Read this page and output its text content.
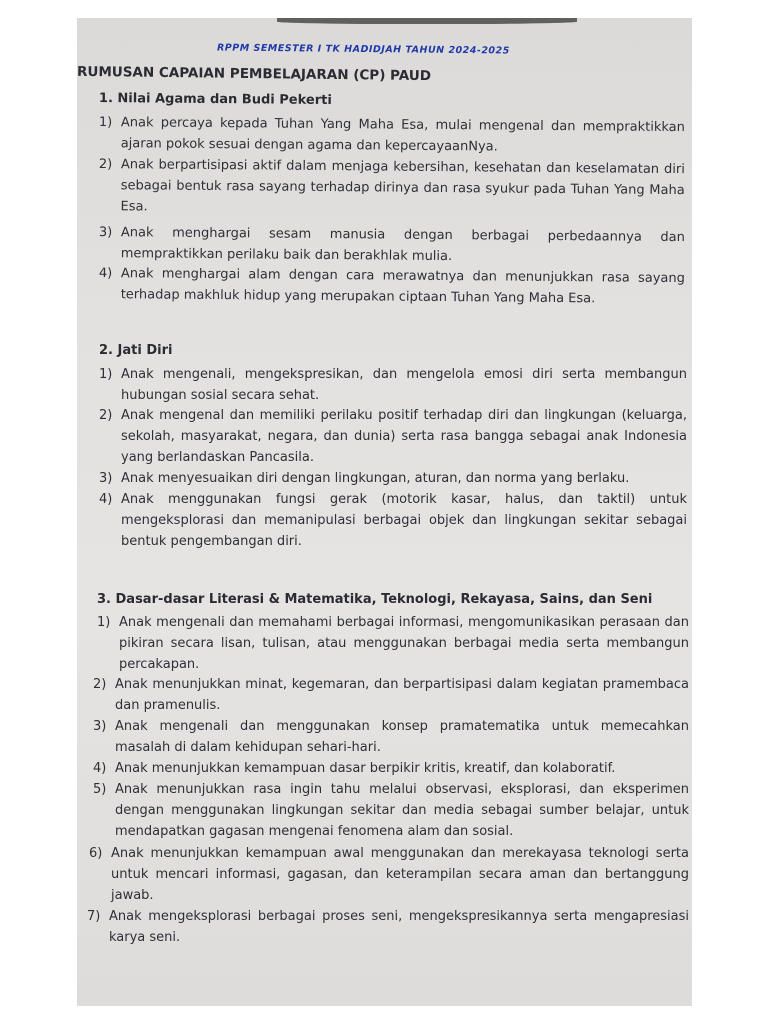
RPPM SEMESTER I TK HADIDJAH TAHUN 2024-2025
RUMUSAN CAPAIAN PEMBELAJARAN (CP) PAUD
1. Nilai Agama dan Budi Pekerti
1) Anak percaya kepada Tuhan Yang Maha Esa, mulai mengenal dan mempraktikkan ajaran pokok sesuai dengan agama dan kepercayaanNya.
2) Anak berpartisipasi aktif dalam menjaga kebersihan, kesehatan dan keselamatan diri sebagai bentuk rasa sayang terhadap dirinya dan rasa syukur pada Tuhan Yang Maha Esa.
3) Anak menghargai sesam manusia dengan berbagai perbedaannya dan mempraktikkan perilaku baik dan berakhlak mulia.
4) Anak menghargai alam dengan cara merawatnya dan menunjukkan rasa sayang terhadap makhluk hidup yang merupakan ciptaan Tuhan Yang Maha Esa.
2. Jati Diri
1) Anak mengenali, mengekspresikan, dan mengelola emosi diri serta membangun hubungan sosial secara sehat.
2) Anak mengenal dan memiliki perilaku positif terhadap diri dan lingkungan (keluarga, sekolah, masyarakat, negara, dan dunia) serta rasa bangga sebagai anak Indonesia yang berlandaskan Pancasila.
3) Anak menyesuaikan diri dengan lingkungan, aturan, dan norma yang berlaku.
4) Anak menggunakan fungsi gerak (motorik kasar, halus, dan taktil) untuk mengeksplorasi dan memanipulasi berbagai objek dan lingkungan sekitar sebagai bentuk pengembangan diri.
3. Dasar-dasar Literasi & Matematika, Teknologi, Rekayasa, Sains, dan Seni
1) Anak mengenali dan memahami berbagai informasi, mengomunikasikan perasaan dan pikiran secara lisan, tulisan, atau menggunakan berbagai media serta membangun percakapan.
2) Anak menunjukkan minat, kegemaran, dan berpartisipasi dalam kegiatan pramembaca dan pramenulis.
3) Anak mengenali dan menggunakan konsep pramatematika untuk memecahkan masalah di dalam kehidupan sehari-hari.
4) Anak menunjukkan kemampuan dasar berpikir kritis, kreatif, dan kolaboratif.
5) Anak menunjukkan rasa ingin tahu melalui observasi, eksplorasi, dan eksperimen dengan menggunakan lingkungan sekitar dan media sebagai sumber belajar, untuk mendapatkan gagasan mengenai fenomena alam dan sosial.
6) Anak menunjukkan kemampuan awal menggunakan dan merekayasa teknologi serta untuk mencari informasi, gagasan, dan keterampilan secara aman dan bertanggung jawab.
7) Anak mengeksplorasi berbagai proses seni, mengekspresikannya serta mengapresiasi karya seni.
